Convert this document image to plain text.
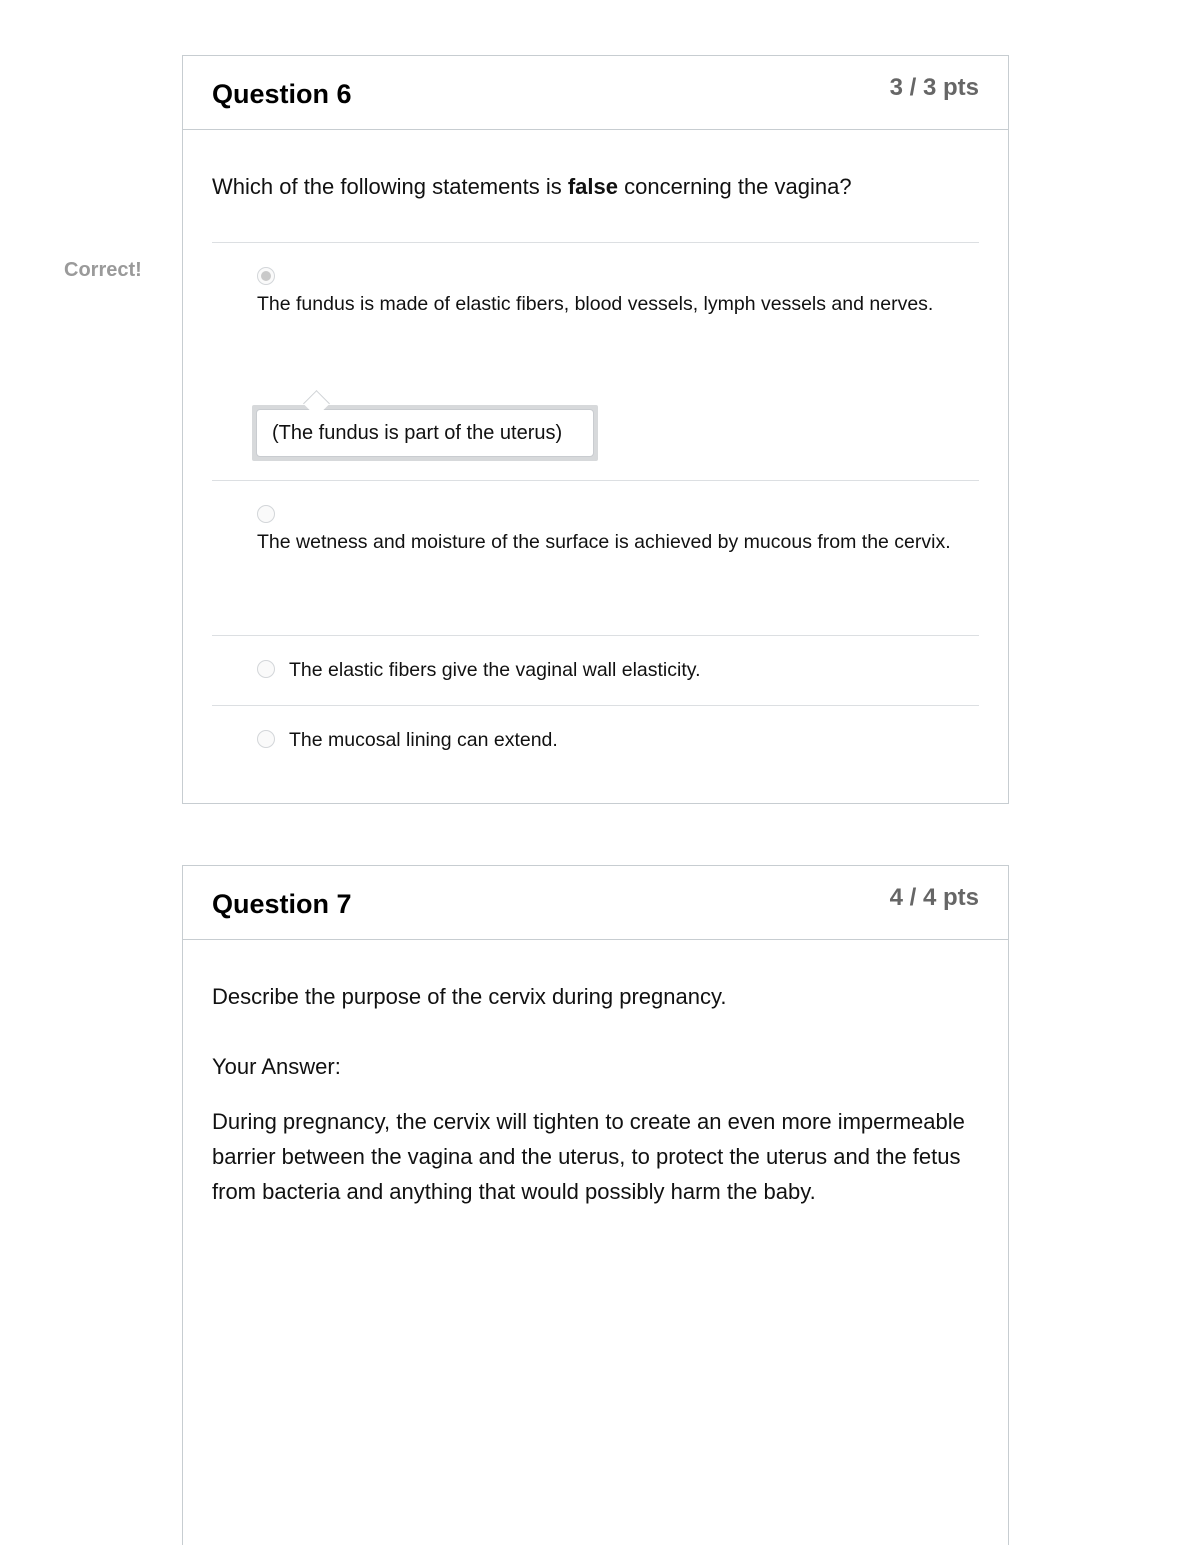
Correct!
Question 6	3 / 3 pts
Which of the following statements is false concerning the vagina?
The fundus is made of elastic fibers, blood vessels, lymph vessels and nerves.
(The fundus is part of the uterus)
The wetness and moisture of the surface is achieved by mucous from the cervix.
The elastic fibers give the vaginal wall elasticity.
The mucosal lining can extend.
Question 7	4 / 4 pts
Describe the purpose of the cervix during pregnancy.
Your Answer:
During pregnancy, the cervix will tighten to create an even more impermeable barrier between the vagina and the uterus, to protect the uterus and the fetus from bacteria and anything that would possibly harm the baby.
